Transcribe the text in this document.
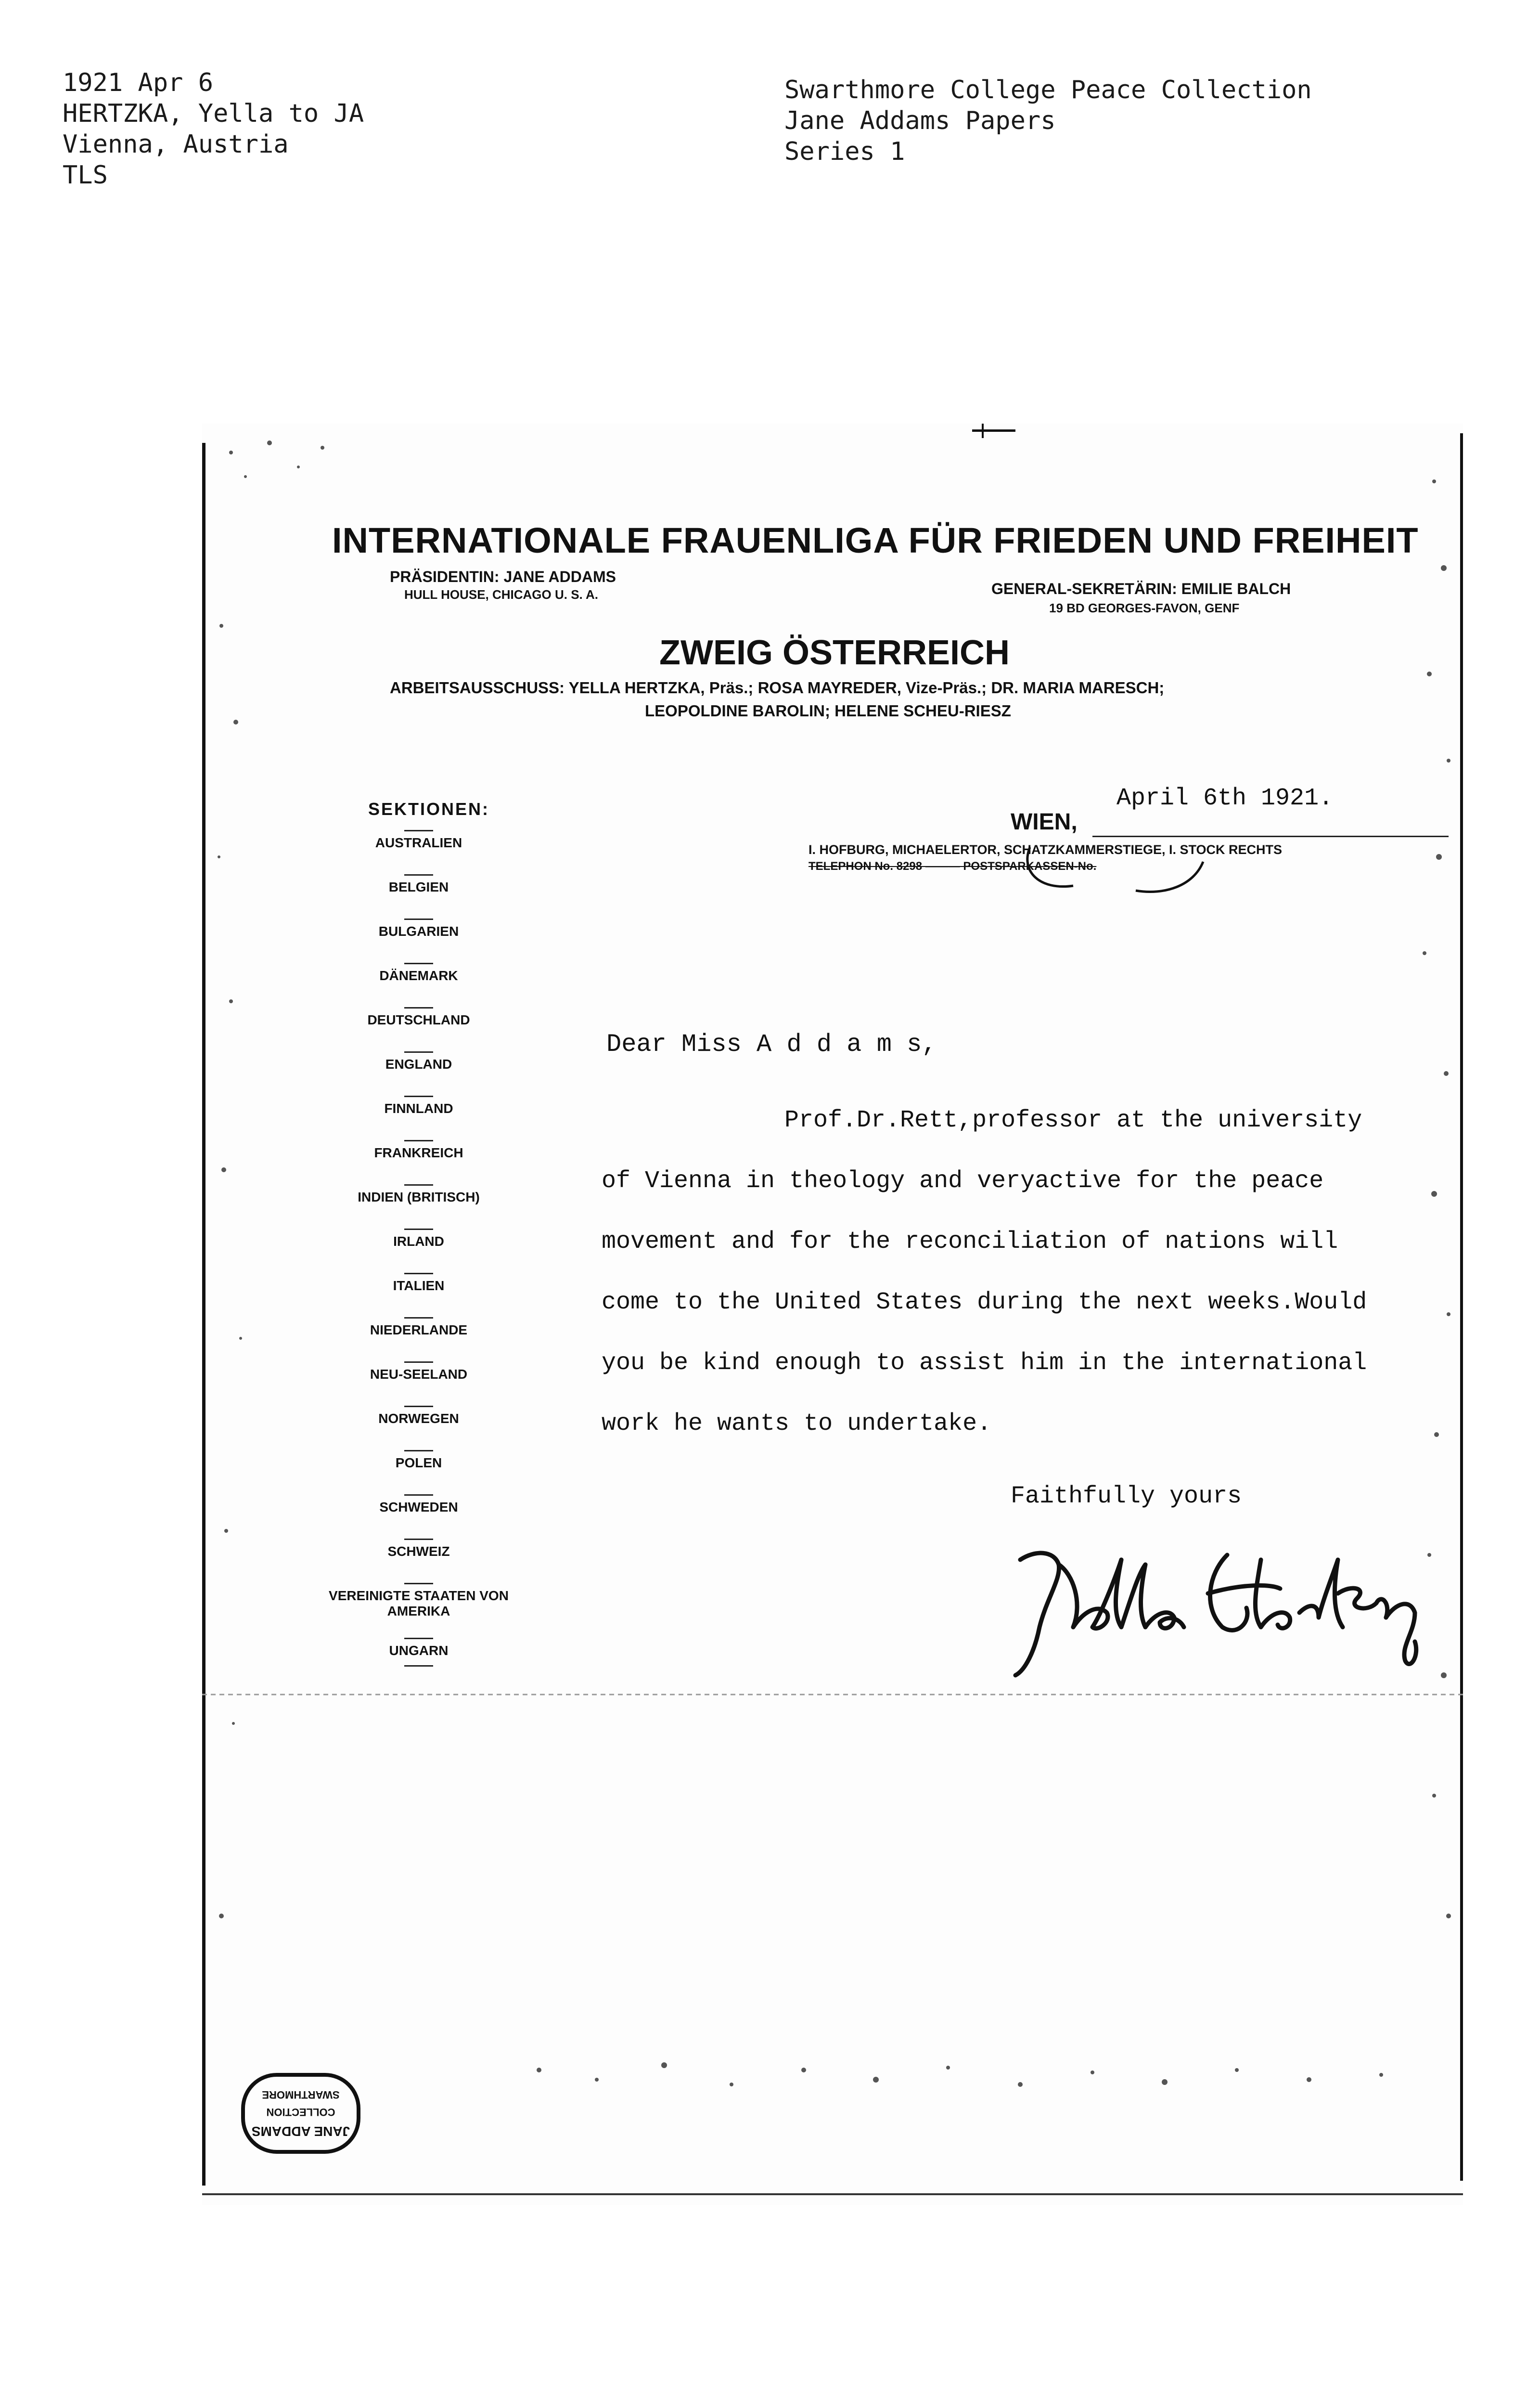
1921 Apr 6
HERTZKA, Yella to JA
Vienna, Austria
TLS
Swarthmore College Peace Collection
Jane Addams Papers
Series 1
INTERNATIONALE FRAUENLIGA FÜR FRIEDEN UND FREIHEIT
PRÄSIDENTIN: JANE ADDAMS
HULL HOUSE, CHICAGO U. S. A.	GENERAL-SEKRETÄRIN: EMILIE BALCH
19 BD GEORGES-FAVON, GENF
ZWEIG ÖSTERREICH
ARBEITSAUSSCHUSS: YELLA HERTZKA, Präs.; ROSA MAYREDER, Vize-Präs.; DR. MARIA MARESCH;
LEOPOLDINE BAROLIN; HELENE SCHEU-RIESZ
SEKTIONEN:
AUSTRALIEN
BELGIEN
BULGARIEN
DÄNEMARK
DEUTSCHLAND
ENGLAND
FINNLAND
FRANKREICH
INDIEN (BRITISCH)
IRLAND
ITALIEN
NIEDERLANDE
NEU-SEELAND
NORWEGEN
POLEN
SCHWEDEN
SCHWEIZ
VEREINIGTE STAATEN VON AMERIKA
UNGARN
April 6th 1921.
WIEN,
I. HOFBURG, MICHAELERTOR, SCHATZKAMMERSTIEGE, I. STOCK RECHTS
TELEPHON No. 8298 ——— POSTSPARKASSEN-No.
Dear Miss A d d a m s,
Prof.Dr.Rett,professor at the university
of Vienna in theology and veryactive for the peace
movement and for the reconciliation of nations will
come to the United States during the next weeks.Would
you be kind enough to assist him in the international
work he wants to undertake.
Faithfully yours
JANE ADDAMS
COLLECTION
SWARTHMORE
